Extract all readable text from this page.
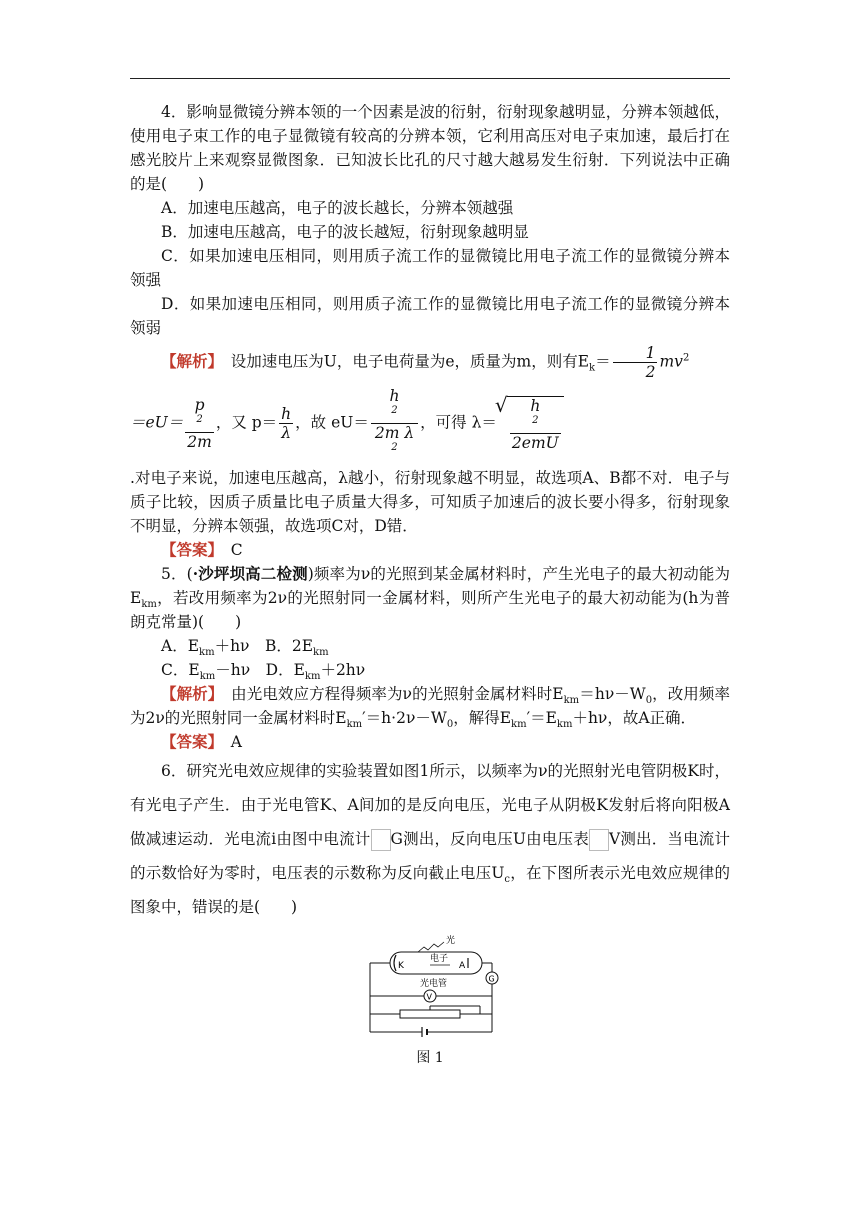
4．影响显微镜分辨本领的一个因素是波的衍射，衍射现象越明显，分辨本领越低，使用电子束工作的电子显微镜有较高的分辨本领，它利用高压对电子束加速，最后打在感光胶片上来观察显微图象．已知波长比孔的尺寸越大越易发生衍射．下列说法中正确的是(　　)

A．加速电压越高，电子的波长越长，分辨本领越强

B．加速电压越高，电子的波长越短，衍射现象越明显

C．如果加速电压相同，则用质子流工作的显微镜比用电子流工作的显微镜分辨本领强

D．如果加速电压相同，则用质子流工作的显微镜比用电子流工作的显微镜分辨本领弱

【解析】　设加速电压为U，电子电荷量为e，质量为m，则有$E_k= \frac{1}{2} mv^2$

＝eU＝ p
$^2$
2m ，又 $p= \frac{h}{\lambda}$ ，故 eU＝ h
$^2$
2m λ
$^2$ ，可得 λ＝
√ h
$^2$
2emU

.对电子来说，加速电压越高，λ越小，衍射现象越不明显，故选项A、B都不对．电子与质子比较，因质子质量比电子质量大得多，可知质子加速后的波长要小得多，衍射现象不明显，分辨本领强，故选项C对，D错．

【答案】　C

5．(·沙坪坝高二检测)频率为ν的光照到某金属材料时，产生光电子的最大初动能为$E_{km}$，若改用频率为2ν的光照射同一金属材料，则所产生光电子的最大初动能为(h为普朗克常量)(　　)

A．$E_{km}+h\nu$　B．$2E_{km}$

C．$E_{km}-h\nu$　D．$E_{km}+2h\nu$

【解析】　由光电效应方程得频率为ν的光照射金属材料时$E_{km}=h\nu-W_0$，改用频率为2ν的光照射同一金属材料时$E_{km}'=h\cdot 2\nu-W_0$，解得$E_{km}'=E_{km}+h\nu$，故A正确．

【答案】　A

6．研究光电效应规律的实验装置如图1所示，以频率为ν的光照射光电管阴极K时，有光电子产生．由于光电管K、A间加的是反向电压，光电子从阴极K发射后将向阳极A做减速运动．光电流i由图中电流计 G测出，反向电压U由电压表 V测出．当电流计的示数恰好为零时，电压表的示数称为反向截止电压$U_c$，在下图所表示光电效应规律的图象中，错误的是(　　)

K	A
光
电子
光电管	G
V
图 1
